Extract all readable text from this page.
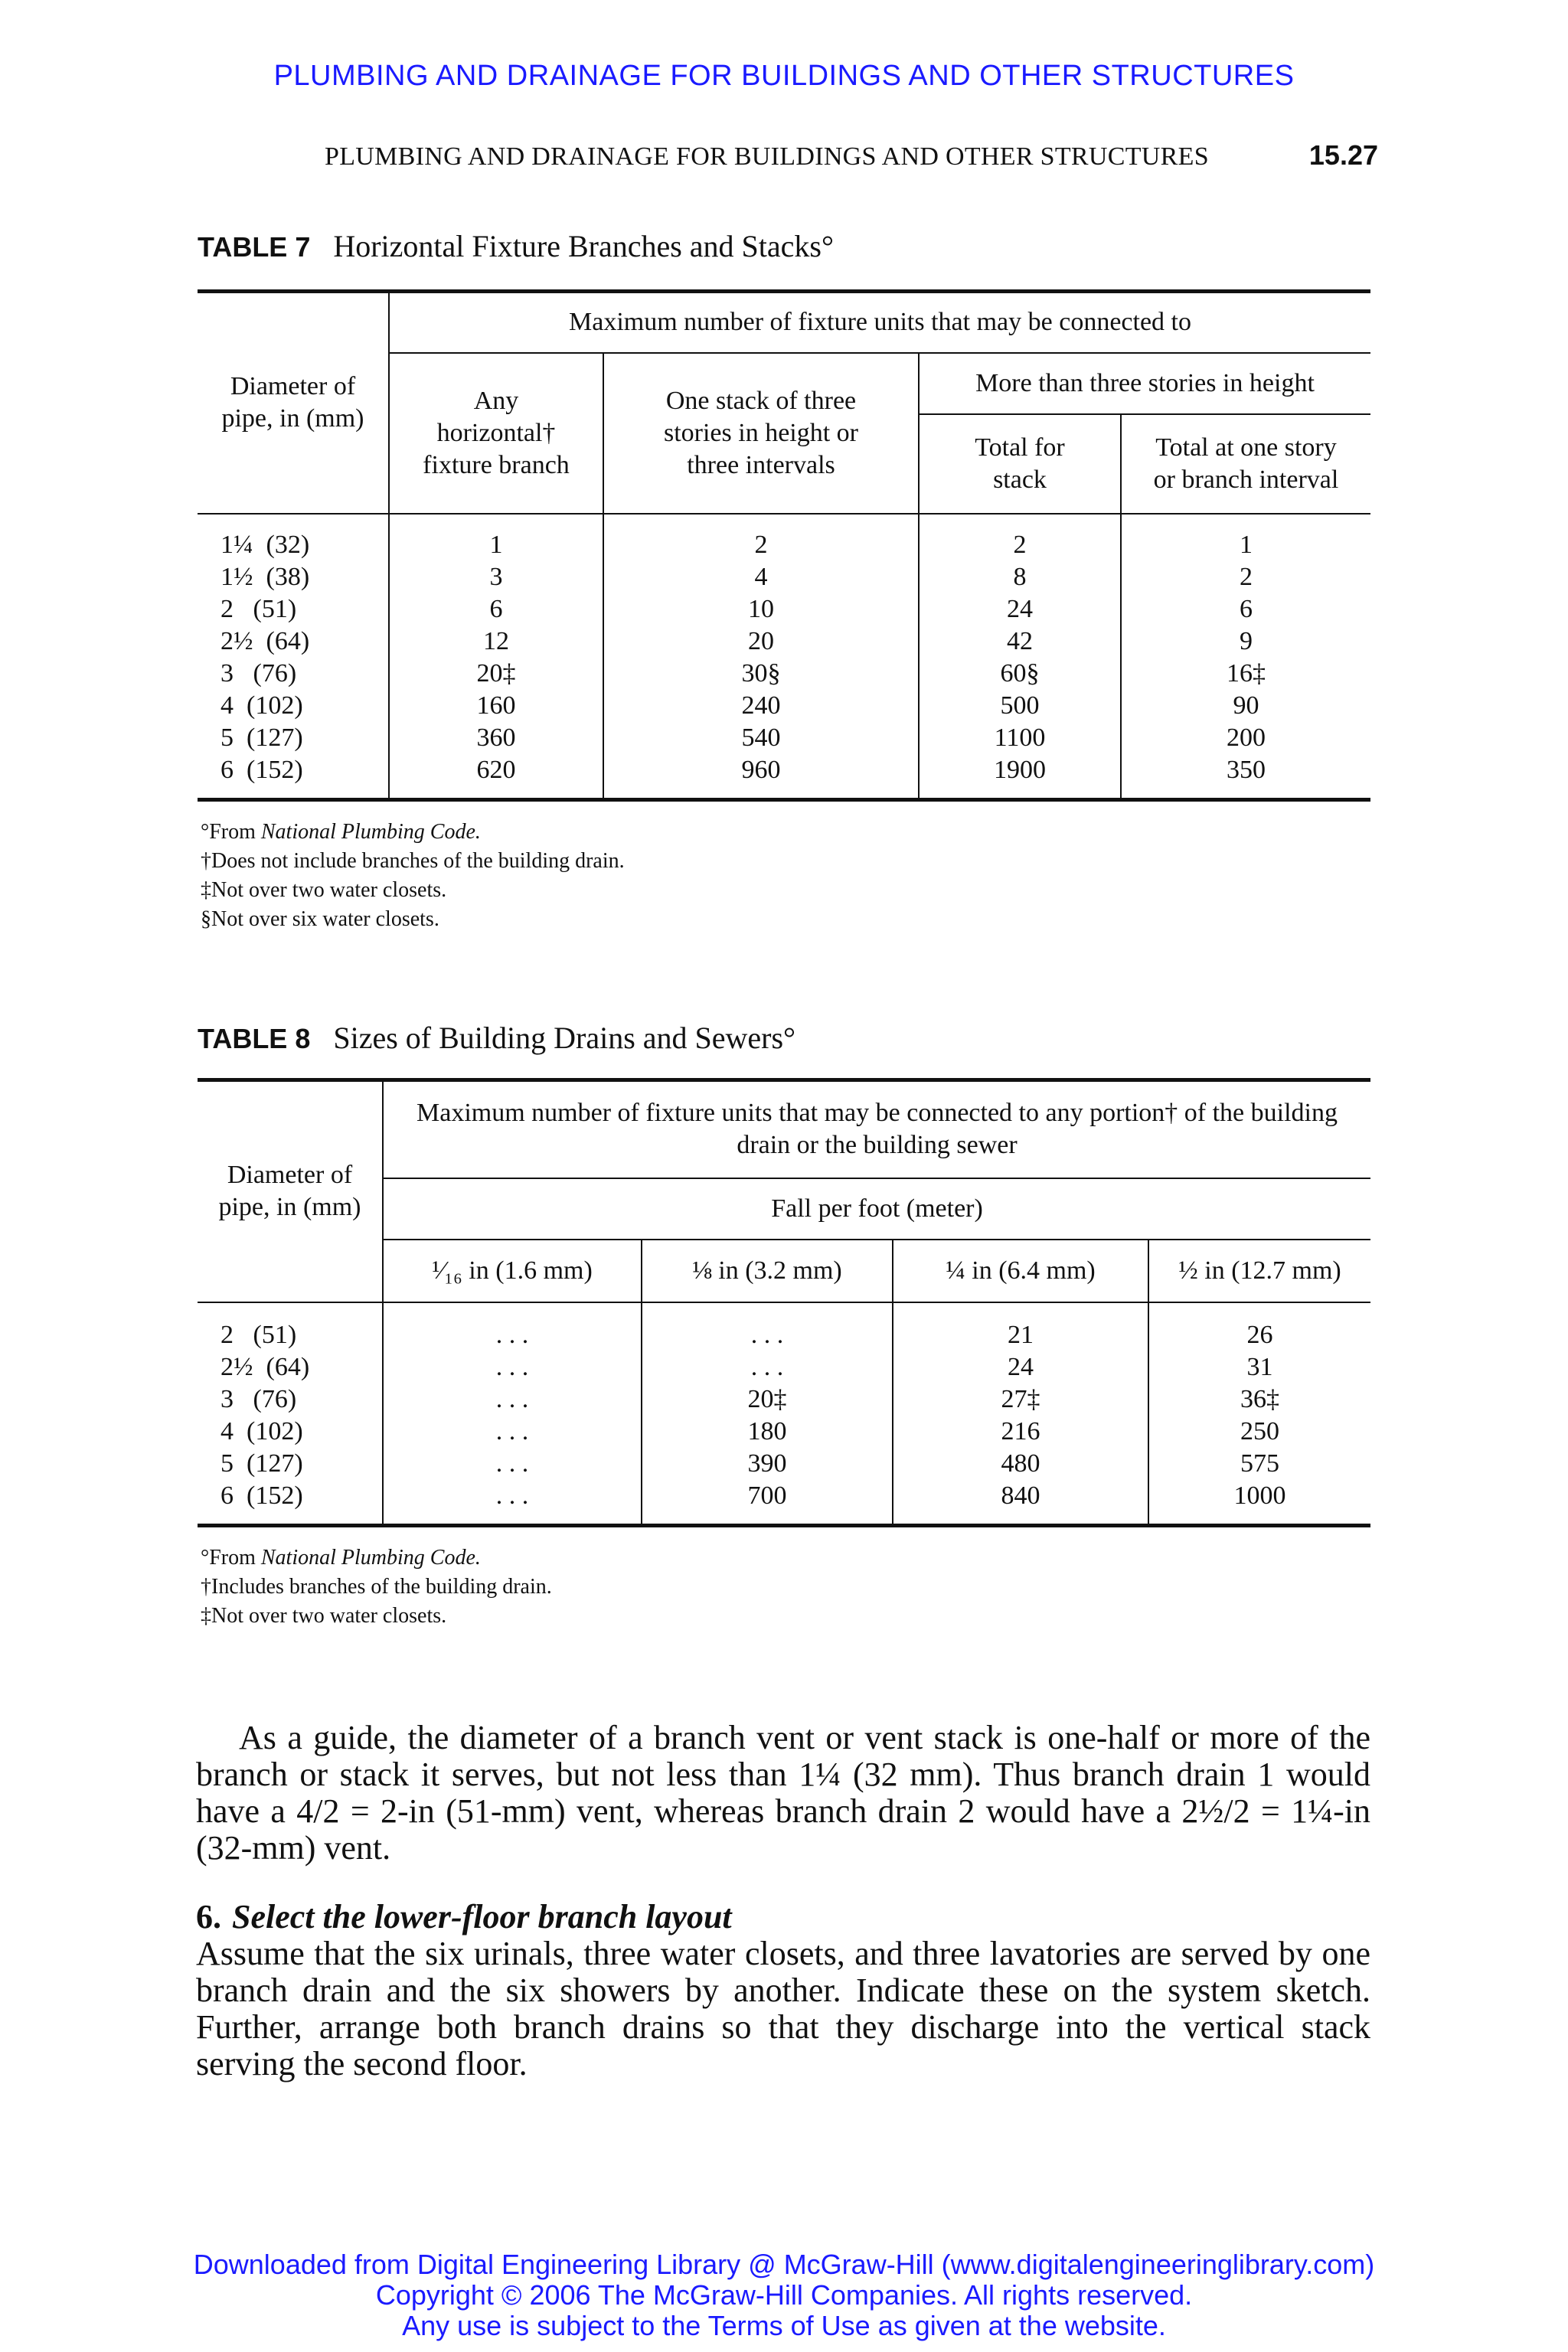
PLUMBING AND DRAINAGE FOR BUILDINGS AND OTHER STRUCTURES
PLUMBING AND DRAINAGE FOR BUILDINGS AND OTHER STRUCTURES	15.27
TABLE 7 Horizontal Fixture Branches and Stacks°
Diameter of pipe, in (mm)	Maximum number of fixture units that may be connected to			
	Any horizontal† fixture branch	One stack of three stories in height or three intervals	More than three stories in height	
			Total for stack	Total at one story or branch interval

1¼  (32)	1	2	2	1
1½  (38)	3	4	8	2
2   (51)	6	10	24	6
2½  (64)	12	20	42	9
3   (76)	20‡	30§	60§	16‡
4  (102)	160	240	500	90
5  (127)	360	540	1100	200
6  (152)	620	960	1900	350

°From National Plumbing Code.
†Does not include branches of the building drain.
‡Not over two water closets.
§Not over six water closets.
TABLE 8 Sizes of Building Drains and Sewers°
Diameter of pipe, in (mm)	Maximum number of fixture units that may be connected to any portion† of the building drain or the building sewer			
	Fall per foot (meter)			
	¹⁄₁₆ in (1.6 mm)	⅛ in (3.2 mm)	¼ in (6.4 mm)	½ in (12.7 mm)

2   (51)	. . .	. . .	21	26
2½  (64)	. . .	. . .	24	31
3   (76)	. . .	20‡	27‡	36‡
4  (102)	. . .	180	216	250
5  (127)	. . .	390	480	575
6  (152)	. . .	700	840	1000

°From National Plumbing Code.
†Includes branches of the building drain.
‡Not over two water closets.
As a guide, the diameter of a branch vent or vent stack is one-half or more of the branch or stack it serves, but not less than 1¼ (32 mm). Thus branch drain 1 would have a 4/2 = 2-in (51-mm) vent, whereas branch drain 2 would have a 2½/2 = 1¼-in (32-mm) vent.
6. Select the lower-floor branch layout
Assume that the six urinals, three water closets, and three lavatories are served by one branch drain and the six showers by another. Indicate these on the system sketch. Further, arrange both branch drains so that they discharge into the vertical stack serving the second floor.
Downloaded from Digital Engineering Library @ McGraw-Hill (www.digitalengineeringlibrary.com)
Copyright © 2006 The McGraw-Hill Companies. All rights reserved.
Any use is subject to the Terms of Use as given at the website.
